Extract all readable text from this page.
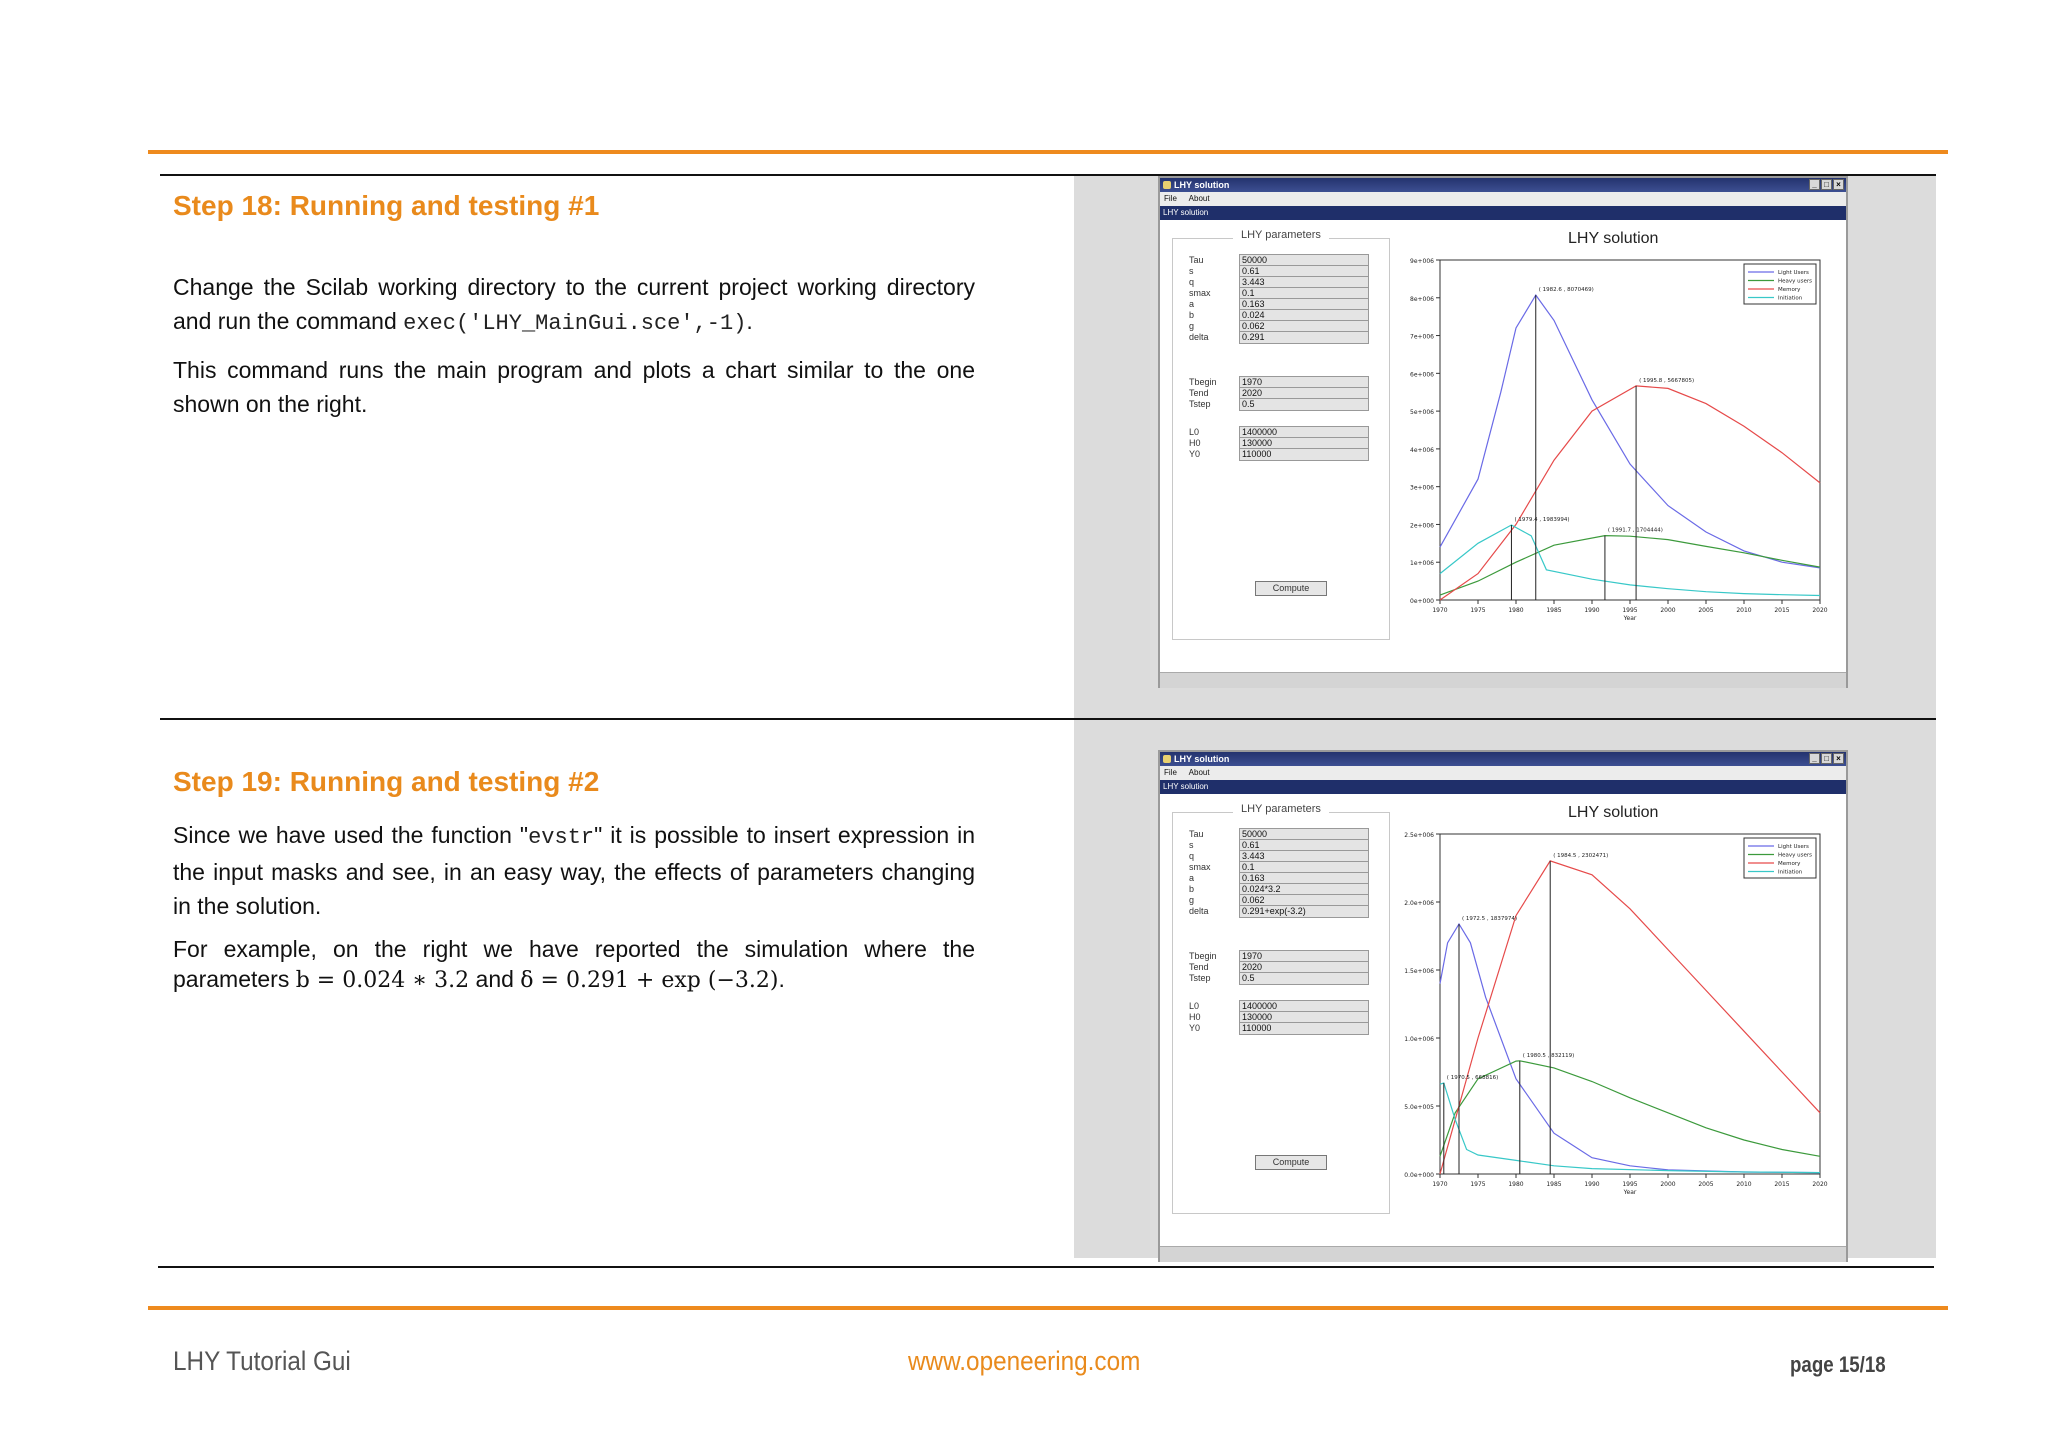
Step 18: Running and testing #1
Change the Scilab working directory to the current project working directory and run the command exec('LHY_MainGui.sce',-1).
This command runs the main program and plots a chart similar to the one shown on the right.
LHY solution	_ □ ×
File About
LHY solution
LHY parameters
Tau	50000
s	0.61
q	3.443
smax	0.1
a	0.163
b	0.024
g	0.062
delta	0.291
Tbegin	1970
Tend	2020
Tstep	0.5
L0	1400000
H0	130000
Y0	110000
Compute
LHY solution
0e+000
1e+006
2e+006
3e+006
4e+006
5e+006
6e+006
7e+006
8e+006
9e+006
1970	1975	1980	1985	1990	1995	2000	2005	2010	2015	2020
Year
( 1982.6 , 8070469)
( 1995.8 , 5667805)
( 1979.4 , 1983994)
( 1991.7 , 1704444)
Light Users
Heavy users
Memory
Initiation
Step 19: Running and testing #2
Since we have used the function "evstr" it is possible to insert expression in the input masks and see, in an easy way, the effects of parameters changing in the solution.
For example, on the right we have reported the simulation where the parameters b = 0.024 ∗ 3.2 and δ = 0.291 + exp (−3.2).
LHY solution	_ □ ×
File About
LHY solution
LHY parameters
Tau	50000
s	0.61
q	3.443
smax	0.1
a	0.163
b	0.024*3.2
g	0.062
delta	0.291+exp(-3.2)
Tbegin	1970
Tend	2020
Tstep	0.5
L0	1400000
H0	130000
Y0	110000
Compute
LHY solution
0.0e+000
5.0e+005
1.0e+006
1.5e+006
2.0e+006
2.5e+006
1970	1975	1980	1985	1990	1995	2000	2005	2010	2015	2020
Year
( 1984.5 , 2302471)
( 1972.5 , 1837974)
( 1980.5 , 832119)
( 1970.5 , 668816)
Light Users
Heavy users
Memory
Initiation
LHY Tutorial Gui	www.openeering.com	page 15/18
